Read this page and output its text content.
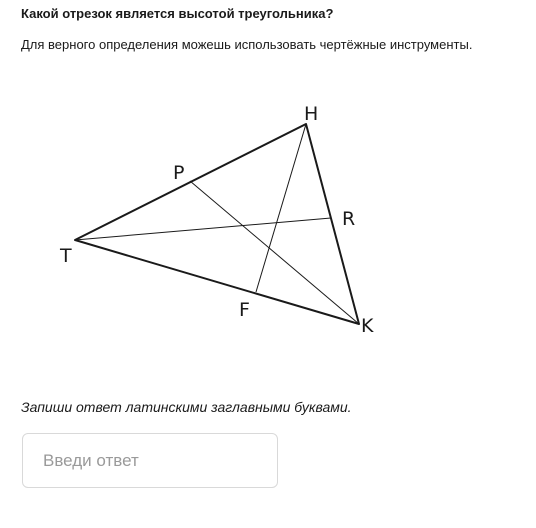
Какой отрезок является высотой треугольника?
Для верного определения можешь использовать чертёжные инструменты.
H
P
R
T
F
K
Запиши ответ латинскими заглавными буквами.
Введи ответ
